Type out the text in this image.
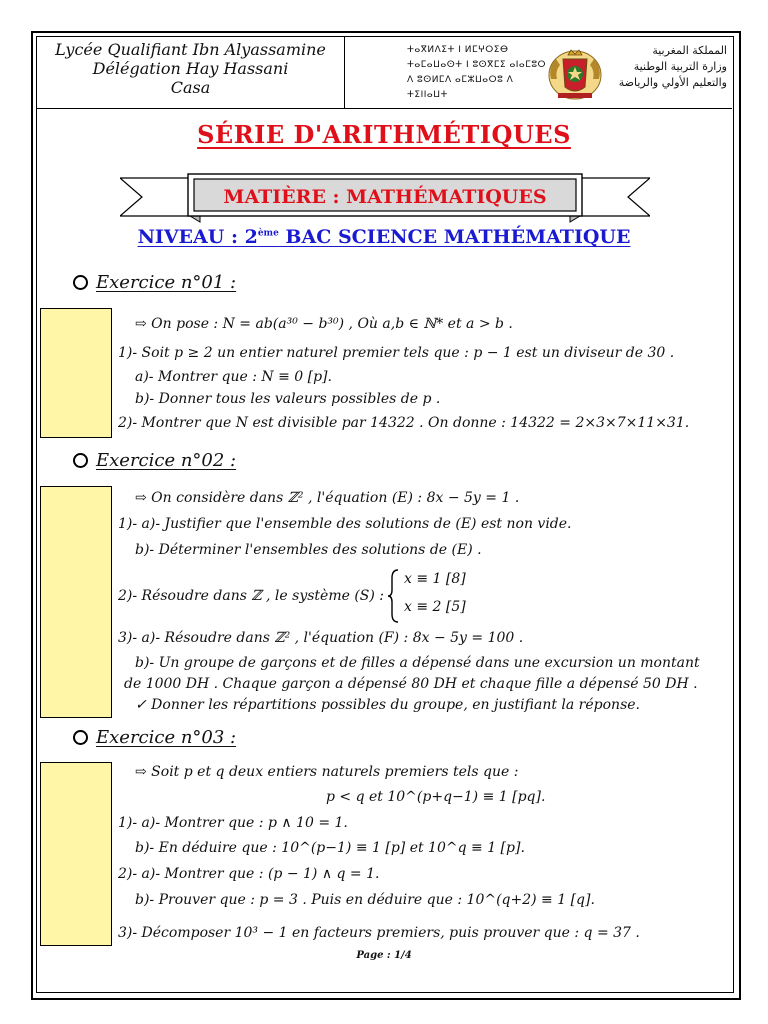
Lycée Qualifiant Ibn Alyassamine
Délégation Hay Hassani
Casa
ⵜⴰⴳⵍⴷⵉⵜ ⵏ ⵍⵎⵖⵔⵉⴱ
ⵜⴰⵎⴰⵡⴰⵙⵜ ⵏ ⵓⵙⴳⵎⵉ ⴰⵏⴰⵎⵓⵔ
ⴷ ⵓⵙⵍⵎⴷ ⴰⵎⵣⵡⴰⵔⵓ ⴷ ⵜⵉⵏⵏⴰⵡⵜ
المملكة المغربية
وزارة التربية الوطنية
والتعليم الأولي والرياضة
SÉRIE D'ARITHMÉTIQUES
MATIÈRE : MATHÉMATIQUES
NIVEAU : 2ème BAC SCIENCE MATHÉMATIQUE
Exercice n°01 :
⇨ On pose : N = ab(a³⁰ − b³⁰) , Où a,b ∈ ℕ* et a > b .
1)- Soit p ≥ 2 un entier naturel premier tels que : p − 1 est un diviseur de 30 .
a)- Montrer que : N ≡ 0 [p].
b)- Donner tous les valeurs possibles de p .
2)- Montrer que N est divisible par 14322 . On donne : 14322 = 2×3×7×11×31.
Exercice n°02 :
⇨ On considère dans ℤ² , l'équation (E) : 8x − 5y = 1 .
1)- a)- Justifier que l'ensemble des solutions de (E) est non vide.
b)- Déterminer l'ensembles des solutions de (E) .
2)- Résoudre dans ℤ , le système (S) :
x ≡ 1 [8]
x ≡ 2 [5]
3)- a)- Résoudre dans ℤ² , l'équation (F) : 8x − 5y = 100 .
b)- Un groupe de garçons et de filles a dépensé dans une excursion un montant
de 1000 DH . Chaque garçon a dépensé 80 DH et chaque fille a dépensé 50 DH .
✓ Donner les répartitions possibles du groupe, en justifiant la réponse.
Exercice n°03 :
⇨ Soit p et q deux entiers naturels premiers tels que :
p < q et 10^(p+q−1) ≡ 1 [pq].
1)- a)- Montrer que : p ∧ 10 = 1.
b)- En déduire que : 10^(p−1) ≡ 1 [p] et 10^q ≡ 1 [p].
2)- a)- Montrer que : (p − 1) ∧ q = 1.
b)- Prouver que : p = 3 . Puis en déduire que : 10^(q+2) ≡ 1 [q].
3)- Décomposer 10³ − 1 en facteurs premiers, puis prouver que : q = 37 .
Page : 1/4
